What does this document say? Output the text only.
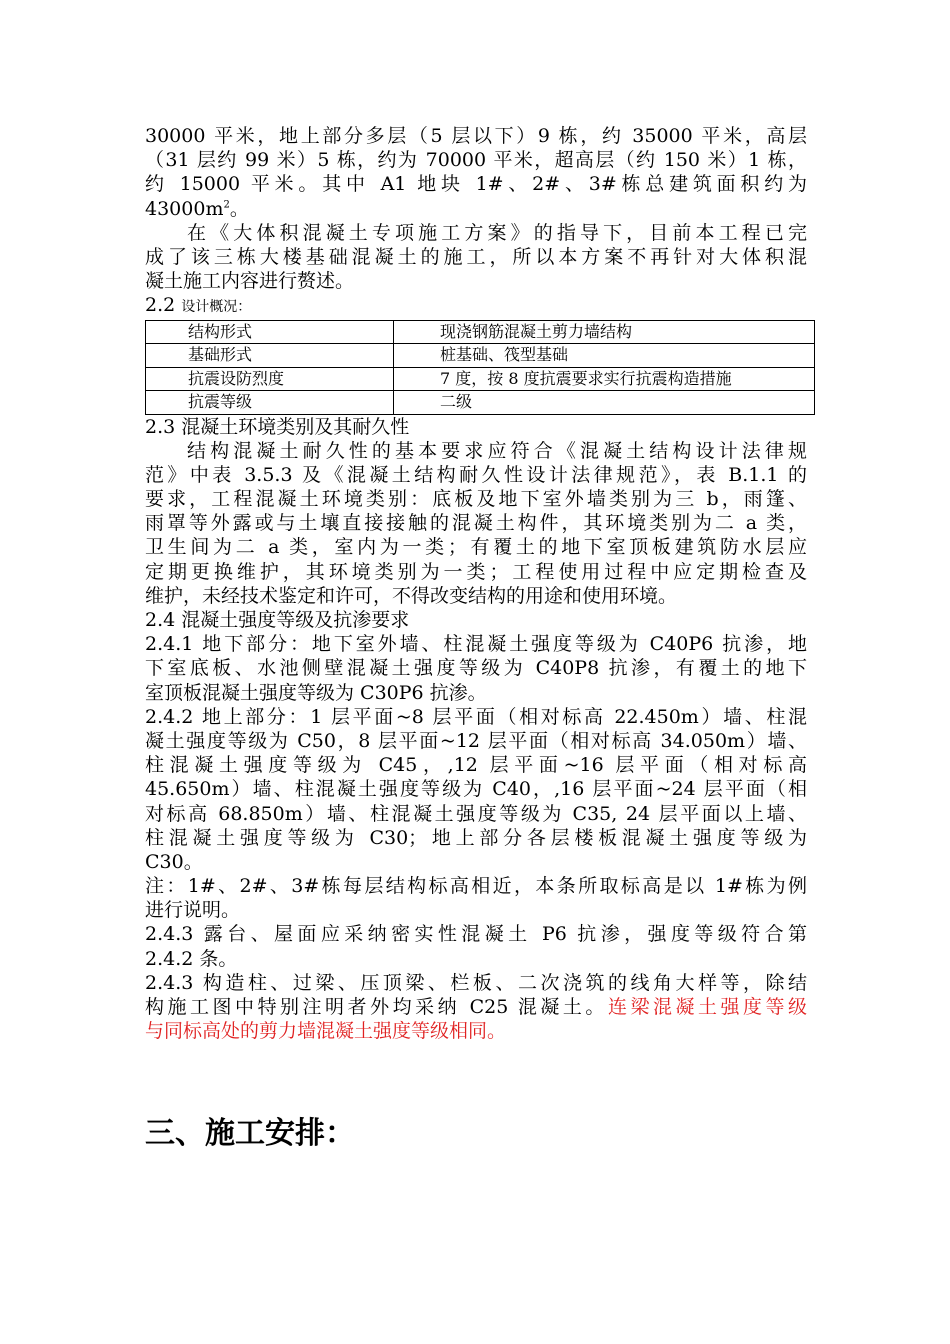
30000 平米，地上部分多层（5 层以下）9 栋，约 35000 平米，高层
（31 层约 99 米）5 栋，约为 70000 平米，超高层（约 150 米）1 栋，
约 15000 平米。其中 A1 地块 1#、2#、3#栋总建筑面积约为
$43000m^2$。
在《大体积混凝土专项施工方案》的指导下，目前本工程已完
成了该三栋大楼基础混凝土的施工，所以本方案不再针对大体积混
凝土施工内容进行赘述。
2.2 设计概况：
结构形式	现浇钢筋混凝土剪力墙结构
基础形式	桩基础、筏型基础
抗震设防烈度	7 度，按 8 度抗震要求实行抗震构造措施
抗震等级	二级
2.3 混凝土环境类别及其耐久性
结构混凝土耐久性的基本要求应符合《混凝土结构设计法律规
范》中表 3.5.3 及《混凝土结构耐久性设计法律规范》，表 B.1.1 的
要求，工程混凝土环境类别：底板及地下室外墙类别为三 b，雨篷、
雨罩等外露或与土壤直接接触的混凝土构件，其环境类别为二 a 类，
卫生间为二 a 类，室内为一类；有覆土的地下室顶板建筑防水层应
定期更换维护，其环境类别为一类；工程使用过程中应定期检查及
维护，未经技术鉴定和许可，不得改变结构的用途和使用环境。
2.4 混凝土强度等级及抗渗要求
2.4.1 地下部分：地下室外墙、柱混凝土强度等级为 C40P6 抗渗，地
下室底板、水池侧壁混凝土强度等级为 C40P8 抗渗，有覆土的地下
室顶板混凝土强度等级为 C30P6 抗渗。
2.4.2 地上部分：1 层平面~8 层平面（相对标高 22.450m）墙、柱混
凝土强度等级为 C50，8 层平面~12 层平面（相对标高 34.050m）墙、
柱混凝土强度等级为 C45，,12 层平面~16 层平面（相对标高
45.650m）墙、柱混凝土强度等级为 C40，,16 层平面~24 层平面（相
对标高 68.850m）墙、柱混凝土强度等级为 C35, 24 层平面以上墙、
柱混凝土强度等级为 C30；地上部分各层楼板混凝土强度等级为
C30。
注：1#、2#、3#栋每层结构标高相近，本条所取标高是以 1#栋为例
进行说明。
2.4.3 露台、屋面应采纳密实性混凝土 P6 抗渗，强度等级符合第
2.4.2 条。
2.4.3 构造柱、过梁、压顶梁、栏板、二次浇筑的线角大样等，除结
构施工图中特别注明者外均采纳 C25 混凝土。连梁混凝土强度等级
与同标高处的剪力墙混凝土强度等级相同。
三、施工安排：
